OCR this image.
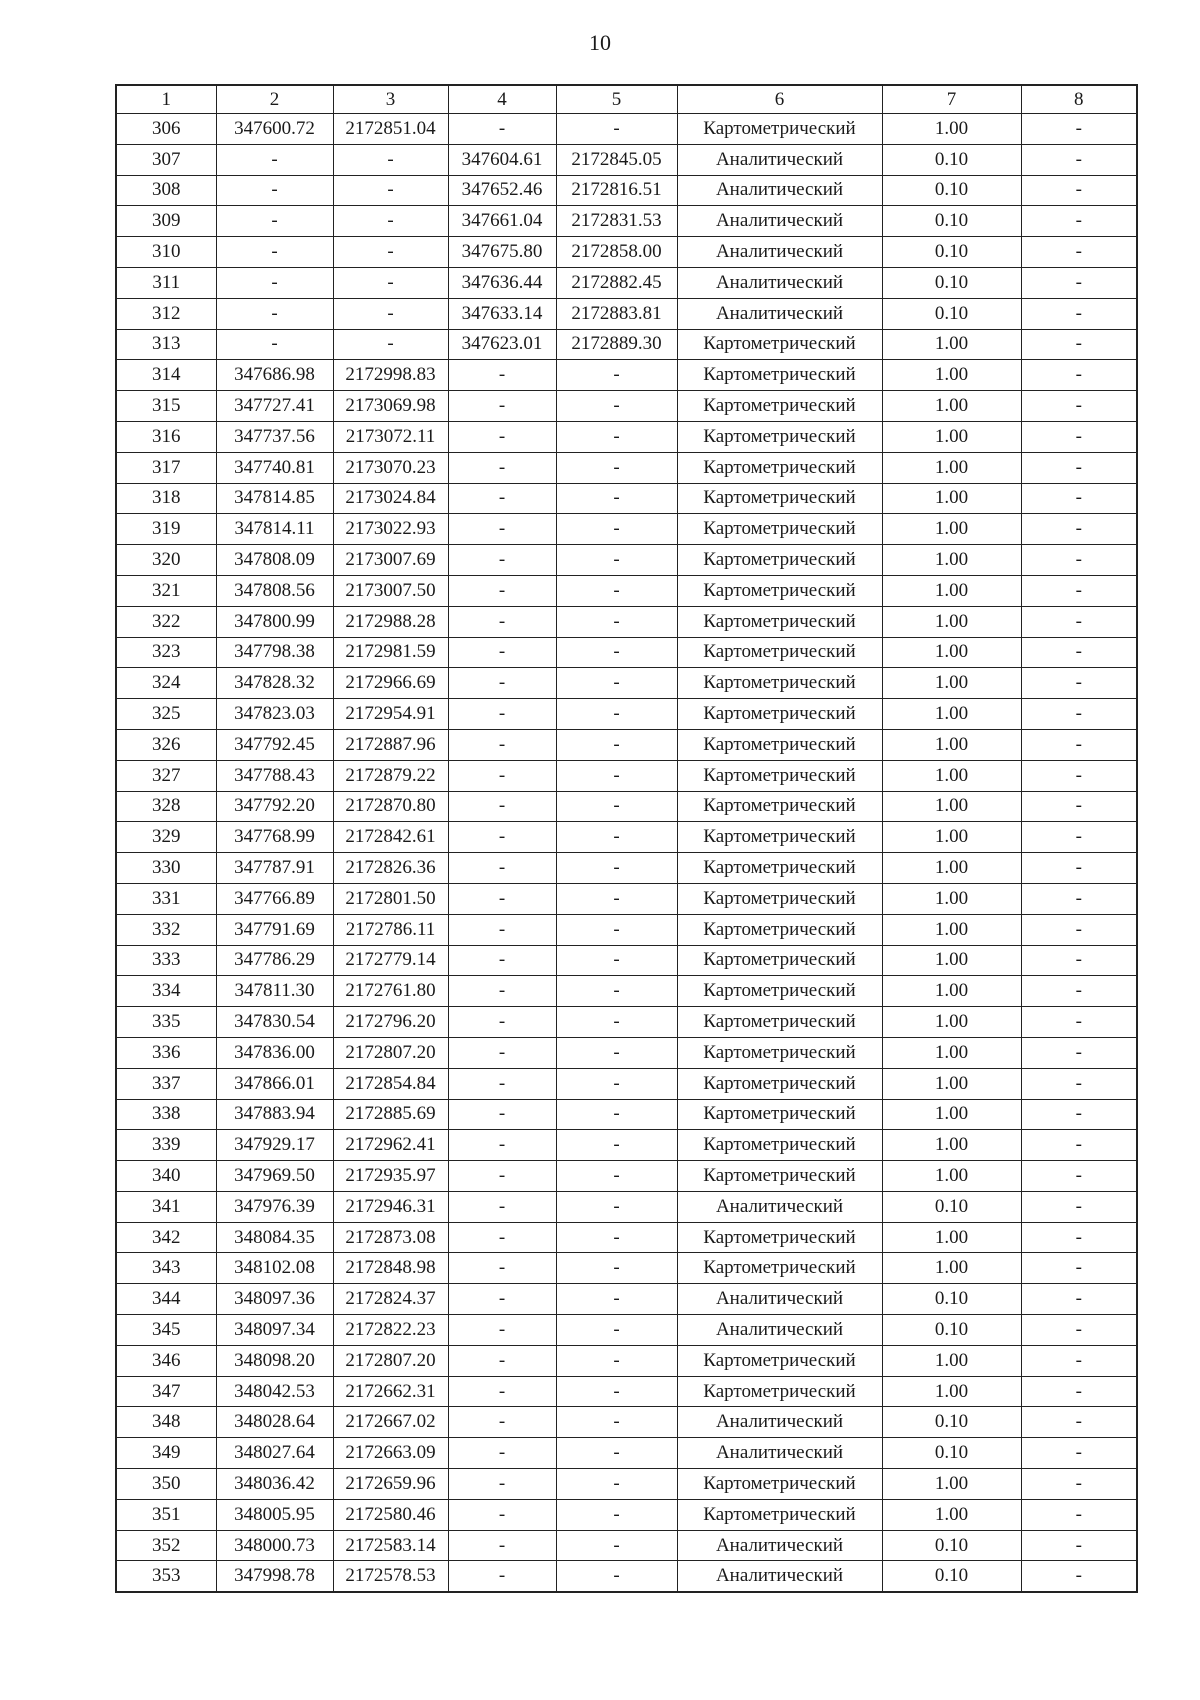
10
1	2	3	4	5	6	7	8
306	347600.72	2172851.04	-	-	Картометрический	1.00	-
307	-	-	347604.61	2172845.05	Аналитический	0.10	-
308	-	-	347652.46	2172816.51	Аналитический	0.10	-
309	-	-	347661.04	2172831.53	Аналитический	0.10	-
310	-	-	347675.80	2172858.00	Аналитический	0.10	-
311	-	-	347636.44	2172882.45	Аналитический	0.10	-
312	-	-	347633.14	2172883.81	Аналитический	0.10	-
313	-	-	347623.01	2172889.30	Картометрический	1.00	-
314	347686.98	2172998.83	-	-	Картометрический	1.00	-
315	347727.41	2173069.98	-	-	Картометрический	1.00	-
316	347737.56	2173072.11	-	-	Картометрический	1.00	-
317	347740.81	2173070.23	-	-	Картометрический	1.00	-
318	347814.85	2173024.84	-	-	Картометрический	1.00	-
319	347814.11	2173022.93	-	-	Картометрический	1.00	-
320	347808.09	2173007.69	-	-	Картометрический	1.00	-
321	347808.56	2173007.50	-	-	Картометрический	1.00	-
322	347800.99	2172988.28	-	-	Картометрический	1.00	-
323	347798.38	2172981.59	-	-	Картометрический	1.00	-
324	347828.32	2172966.69	-	-	Картометрический	1.00	-
325	347823.03	2172954.91	-	-	Картометрический	1.00	-
326	347792.45	2172887.96	-	-	Картометрический	1.00	-
327	347788.43	2172879.22	-	-	Картометрический	1.00	-
328	347792.20	2172870.80	-	-	Картометрический	1.00	-
329	347768.99	2172842.61	-	-	Картометрический	1.00	-
330	347787.91	2172826.36	-	-	Картометрический	1.00	-
331	347766.89	2172801.50	-	-	Картометрический	1.00	-
332	347791.69	2172786.11	-	-	Картометрический	1.00	-
333	347786.29	2172779.14	-	-	Картометрический	1.00	-
334	347811.30	2172761.80	-	-	Картометрический	1.00	-
335	347830.54	2172796.20	-	-	Картометрический	1.00	-
336	347836.00	2172807.20	-	-	Картометрический	1.00	-
337	347866.01	2172854.84	-	-	Картометрический	1.00	-
338	347883.94	2172885.69	-	-	Картометрический	1.00	-
339	347929.17	2172962.41	-	-	Картометрический	1.00	-
340	347969.50	2172935.97	-	-	Картометрический	1.00	-
341	347976.39	2172946.31	-	-	Аналитический	0.10	-
342	348084.35	2172873.08	-	-	Картометрический	1.00	-
343	348102.08	2172848.98	-	-	Картометрический	1.00	-
344	348097.36	2172824.37	-	-	Аналитический	0.10	-
345	348097.34	2172822.23	-	-	Аналитический	0.10	-
346	348098.20	2172807.20	-	-	Картометрический	1.00	-
347	348042.53	2172662.31	-	-	Картометрический	1.00	-
348	348028.64	2172667.02	-	-	Аналитический	0.10	-
349	348027.64	2172663.09	-	-	Аналитический	0.10	-
350	348036.42	2172659.96	-	-	Картометрический	1.00	-
351	348005.95	2172580.46	-	-	Картометрический	1.00	-
352	348000.73	2172583.14	-	-	Аналитический	0.10	-
353	347998.78	2172578.53	-	-	Аналитический	0.10	-
